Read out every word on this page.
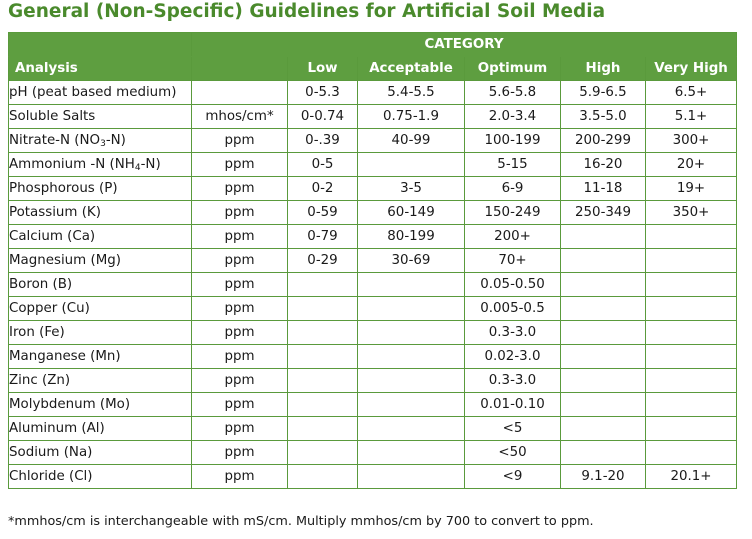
General (Non-Specific) Guidelines for Artificial Soil Media
	CATEGORY					
Analysis		Low	Acceptable	Optimum	High	Very High
pH (peat based medium)		0-5.3	5.4-5.5	5.6-5.8	5.9-6.5	6.5+
Soluble Salts	mhos/cm*	0-0.74	0.75-1.9	2.0-3.4	3.5-5.0	5.1+
Nitrate-N $(NO_3-N)$	ppm	0-.39	40-99	100-199	200-299	300+
Ammonium -N $(NH_4-N)$	ppm	0-5		5-15	16-20	20+
Phosphorous (P)	ppm	0-2	3-5	6-9	11-18	19+
Potassium (K)	ppm	0-59	60-149	150-249	250-349	350+
Calcium (Ca)	ppm	0-79	80-199	200+		
Magnesium (Mg)	ppm	0-29	30-69	70+		
Boron (B)	ppm			0.05-0.50		
Copper (Cu)	ppm			0.005-0.5		
Iron (Fe)	ppm			0.3-3.0		
Manganese (Mn)	ppm			0.02-3.0		
Zinc (Zn)	ppm			0.3-3.0		
Molybdenum (Mo)	ppm			0.01-0.10		
Aluminum (Al)	ppm			<5		
Sodium (Na)	ppm			<50		
Chloride (Cl)	ppm			<9	9.1-20	20.1+
*mmhos/cm is interchangeable with mS/cm. Multiply mmhos/cm by 700 to convert to ppm.
